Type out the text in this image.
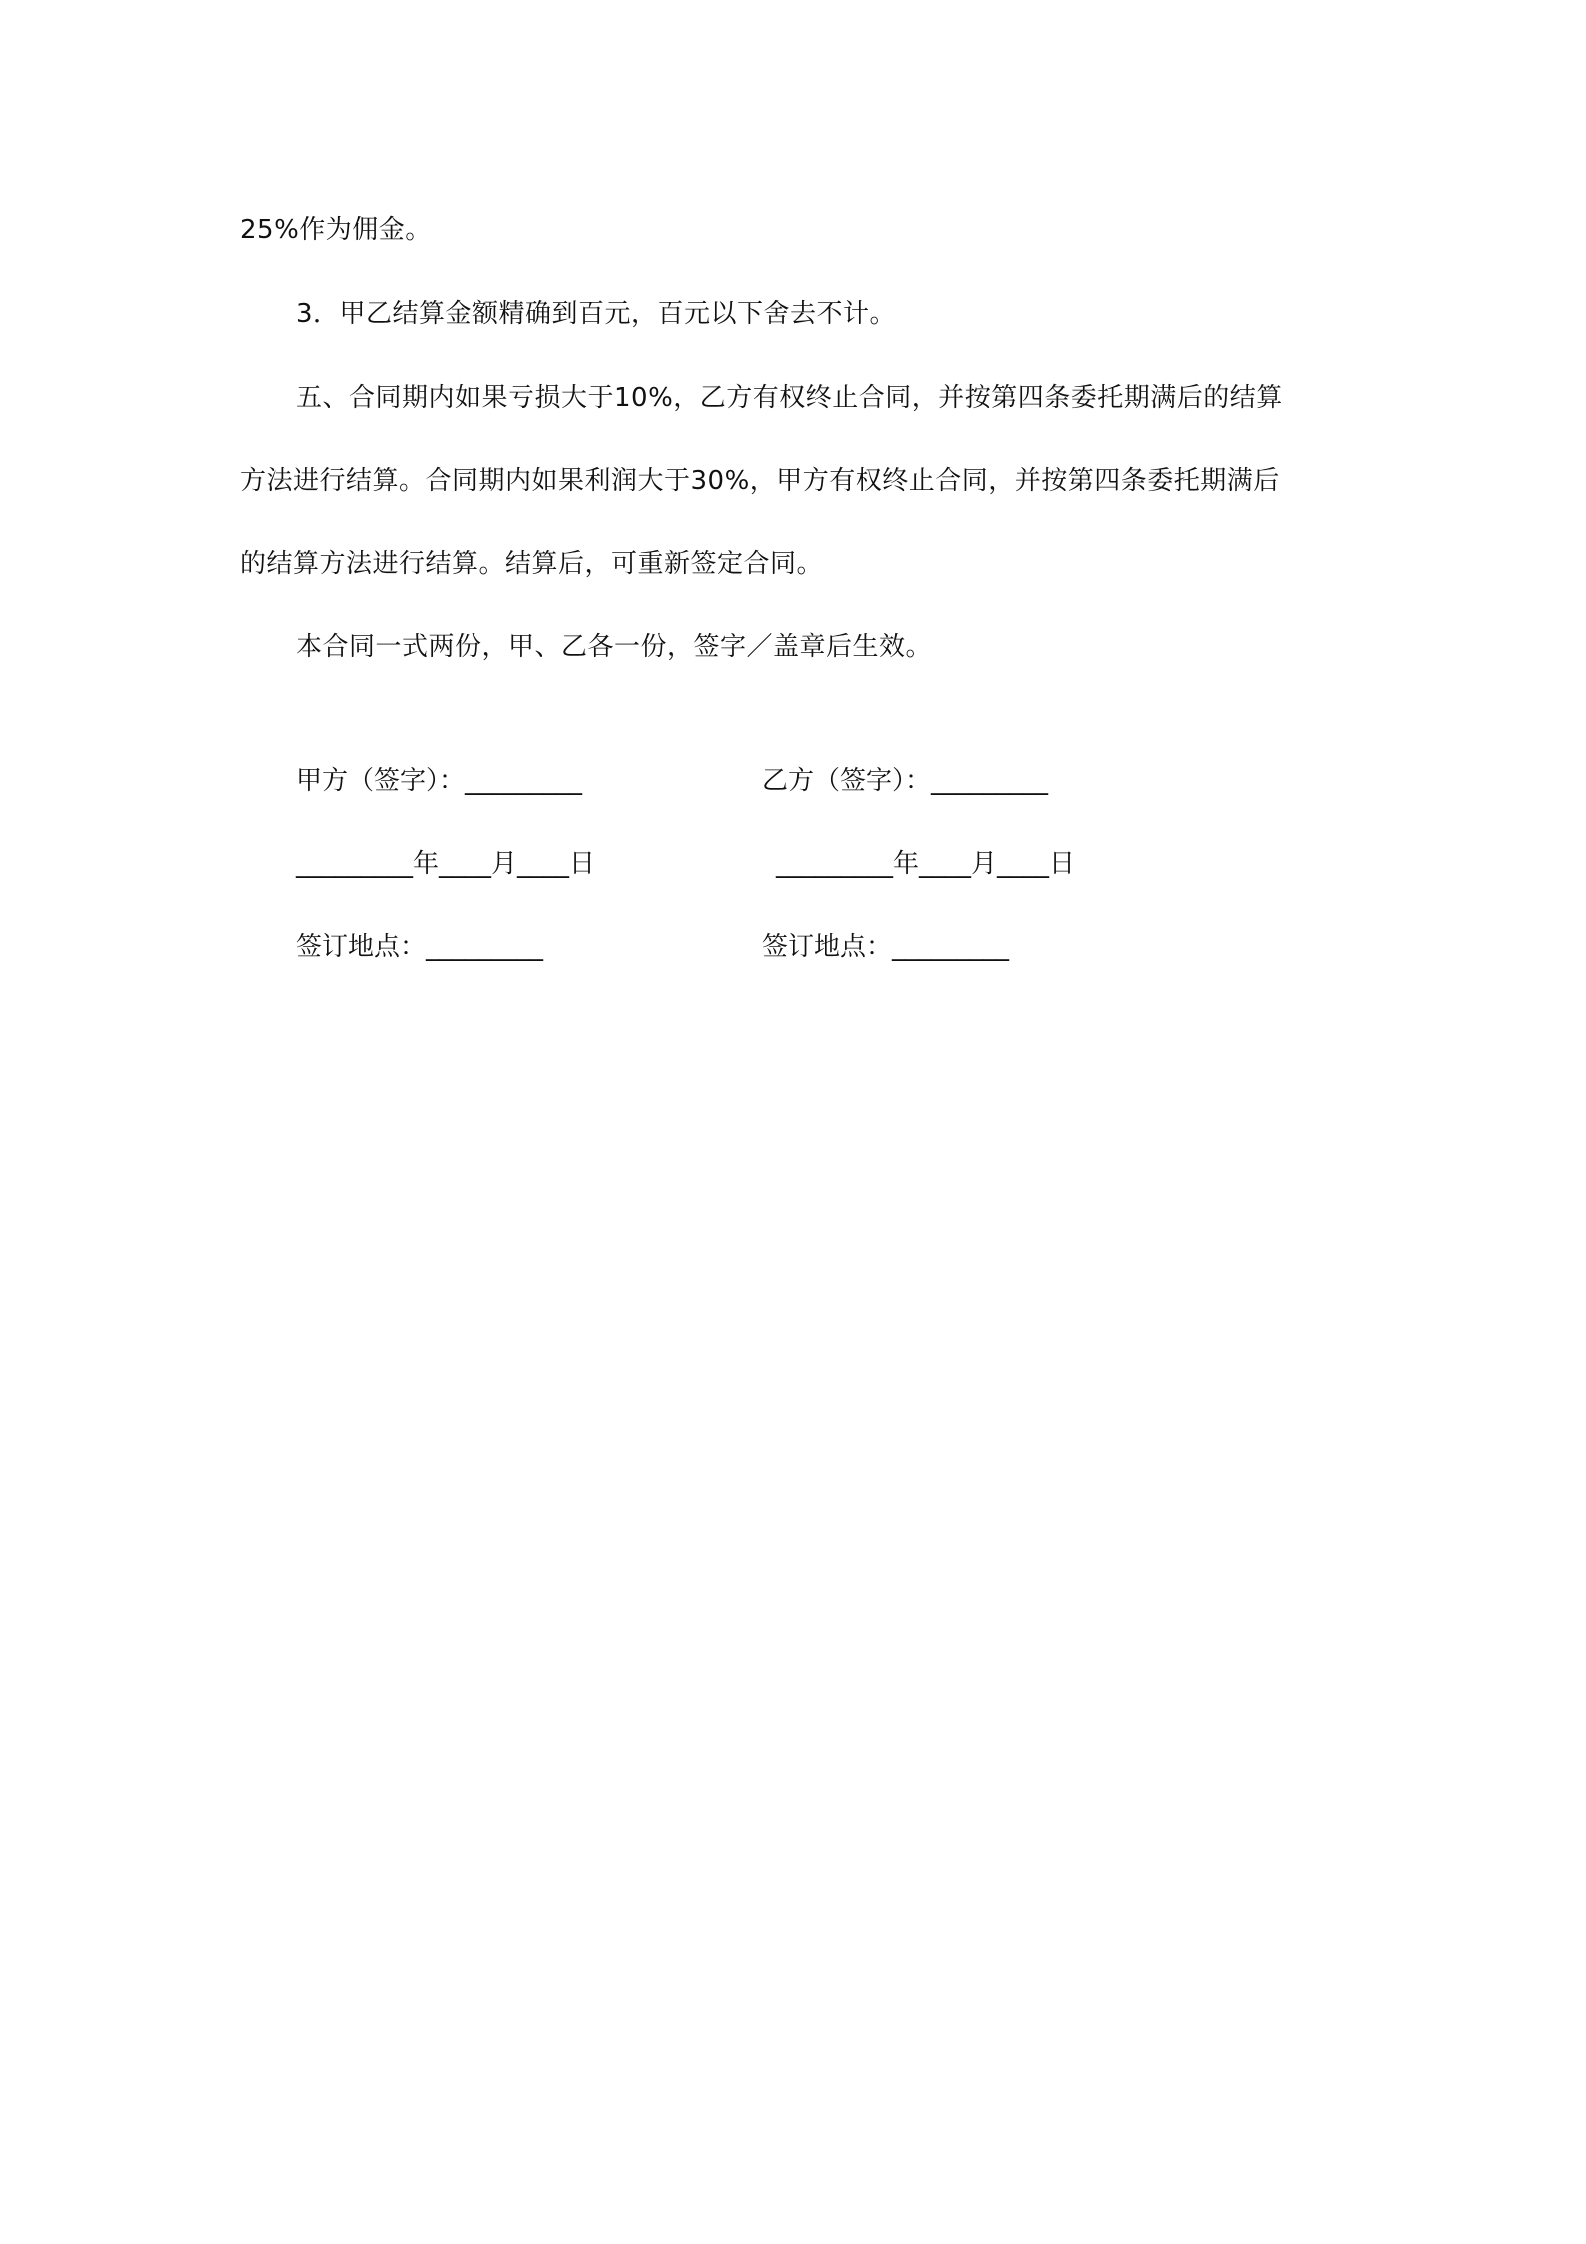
25%作为佣金。
3．甲乙结算金额精确到百元，百元以下舍去不计。
五、合同期内如果亏损大于10%，乙方有权终止合同，并按第四条委托期满后的结算
方法进行结算。合同期内如果利润大于30%，甲方有权终止合同，并按第四条委托期满后
的结算方法进行结算。结算后，可重新签定合同。
本合同一式两份，甲、乙各一份，签字／盖章后生效。
甲方（签字）：_________	乙方（签字）：_________
_________年____月____日	_________年____月____日
签订地点：_________	签订地点：_________
